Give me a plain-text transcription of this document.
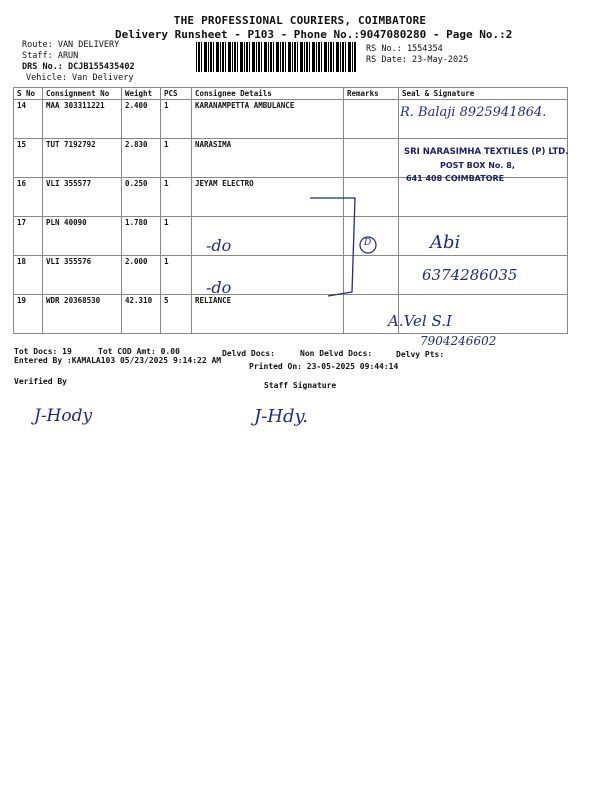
THE PROFESSIONAL COURIERS, COIMBATORE
Delivery Runsheet - P103 - Phone No.:9047080280 - Page No.:2
Route: VAN DELIVERY
Staff: ARUN
DRS No.: DCJB155435402
Vehicle: Van Delivery
RS No.: 1554354
RS Date: 23-May-2025
S No	Consignment No	Weight	PCS	Consignee Details	Remarks	Seal & Signature
14	MAA 303311221	2.400	1	KARANAMPETTA AMBULANCE		
15	TUT 7192792	2.830	1	NARASIMA		
16	VLI 355577	0.250	1	JEYAM ELECTRO		
17	PLN 40090	1.780	1			
18	VLI 355576	2.000	1			
19	WDR 20368530	42.310	5	RELIANCE		
R. Balaji 8925941864.
SRI NARASIMHA TEXTILES (P) LTD.
POST BOX No. 8,
641 408 COIMBATORE
D
-do
-do
Abi
6374286035
A.Vel S.I
7904246602
Tot Docs: 19	Tot COD Amt: 0.00	Delvd Docs:	Non Delvd Docs:	Delvy Pts:
Entered By :KAMALA103 05/23/2025 9:14:22 AM
Printed On: 23-05-2025 09:44:14
Verified By	Staff Signature
J-Hody	J-Hdy.
